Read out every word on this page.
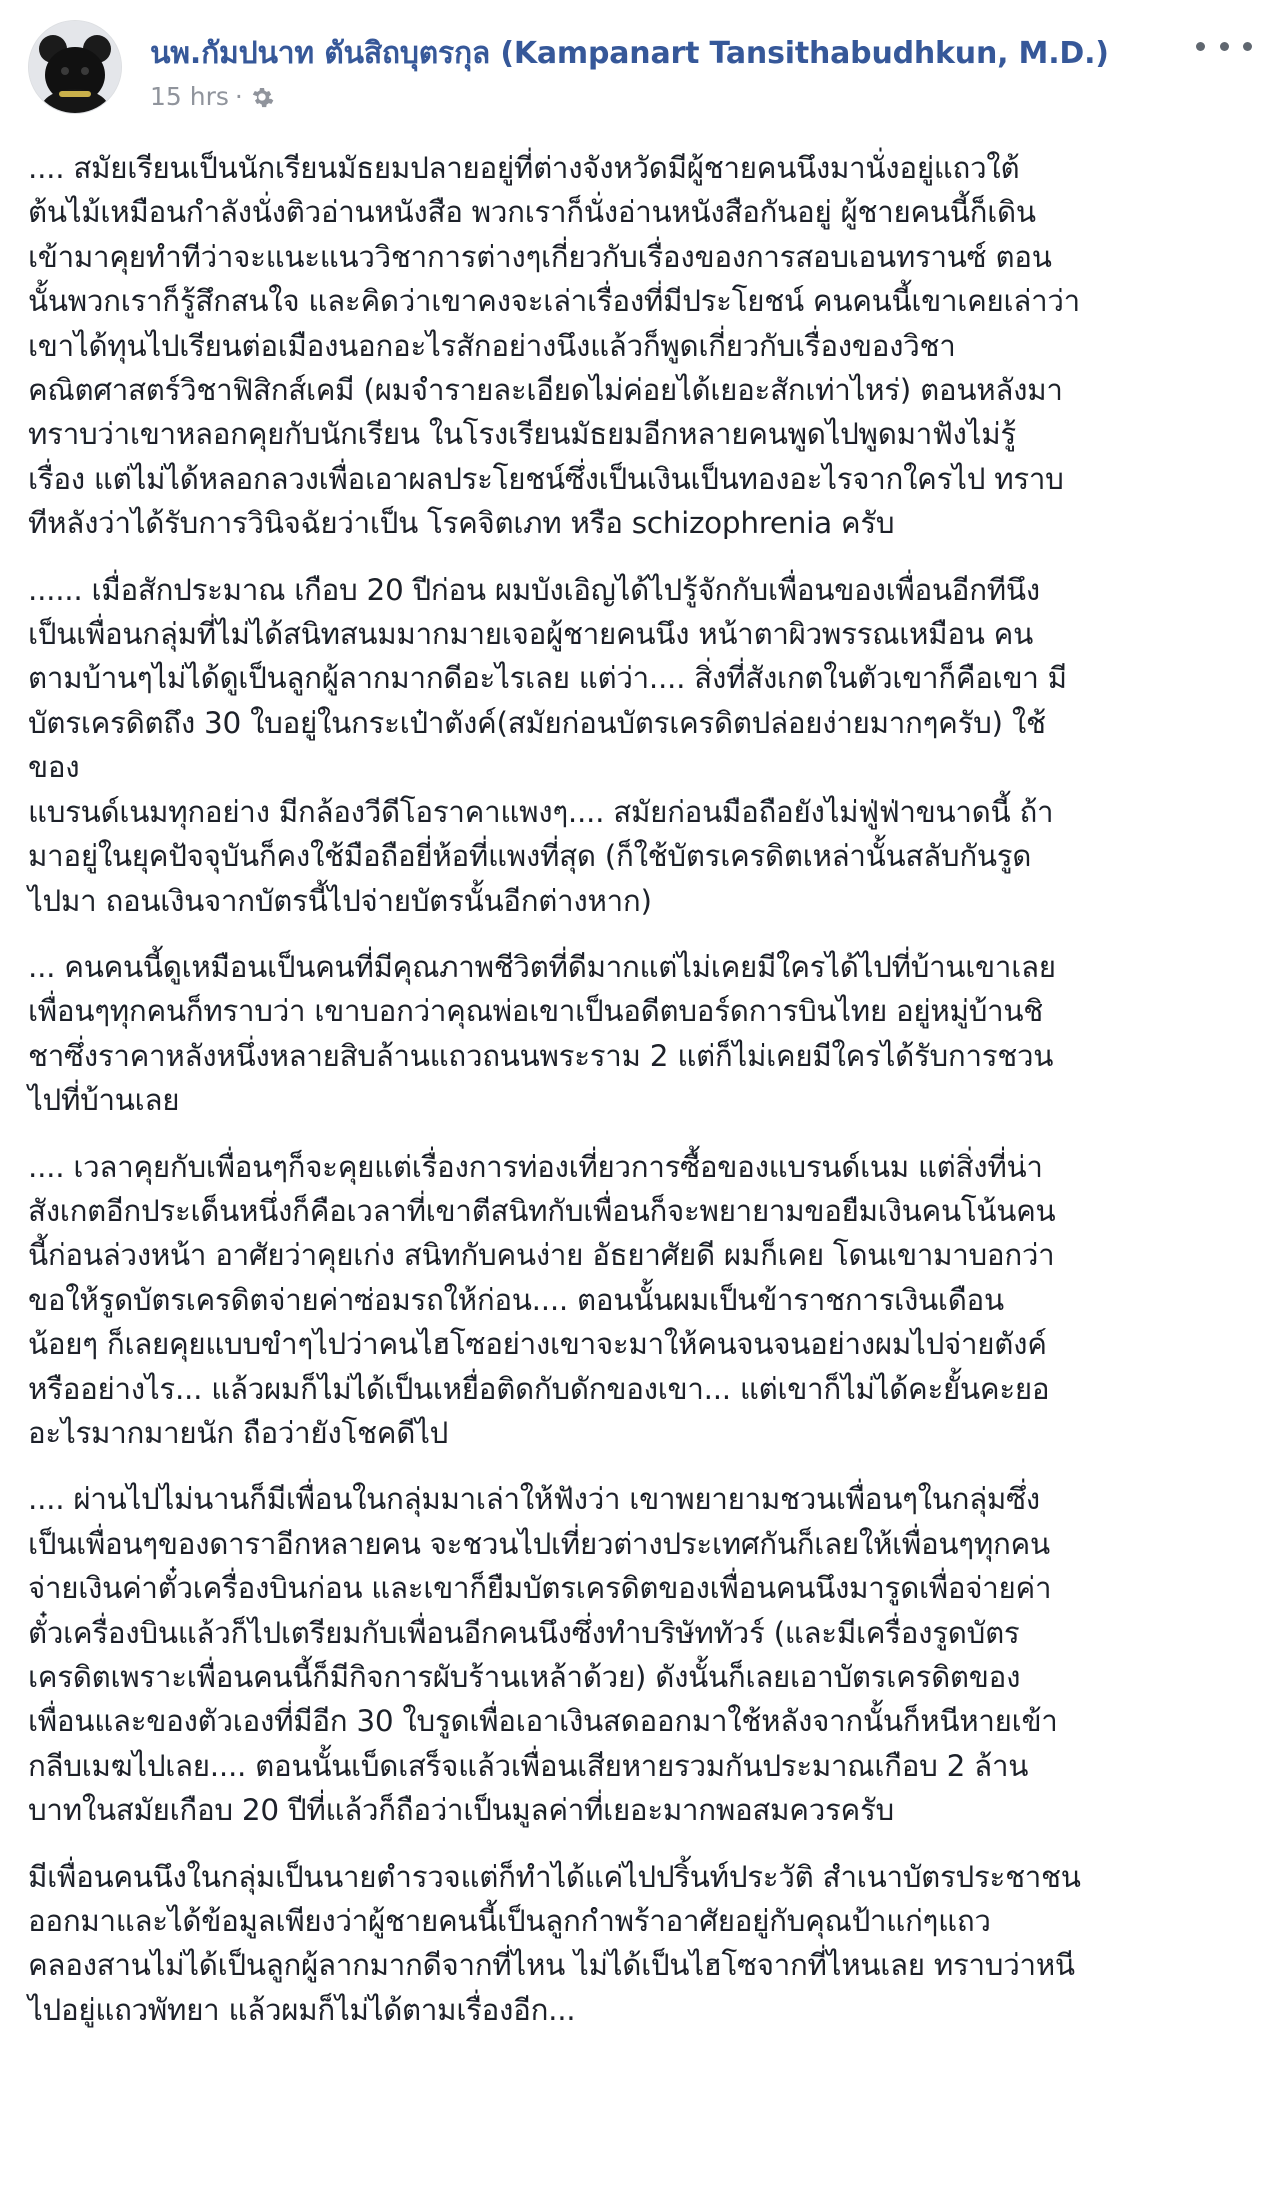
นพ.กัมปนาท ตันสิถบุตรกุล (Kampanart Tansithabudhkun, M.D.)
15 hrs ·

.... สมัยเรียนเป็นนักเรียนมัธยมปลายอยู่ที่ต่างจังหวัดมีผู้ชายคนนึงมานั่งอยู่แถวใต้
ต้นไม้เหมือนกำลังนั่งติวอ่านหนังสือ พวกเราก็นั่งอ่านหนังสือกันอยู่ ผู้ชายคนนี้ก็เดิน
เข้ามาคุยทำทีว่าจะแนะแนววิชาการต่างๆเกี่ยวกับเรื่องของการสอบเอนทรานซ์ ตอน
นั้นพวกเราก็รู้สึกสนใจ และคิดว่าเขาคงจะเล่าเรื่องที่มีประโยชน์ คนคนนี้เขาเคยเล่าว่า
เขาได้ทุนไปเรียนต่อเมืองนอกอะไรสักอย่างนึงแล้วก็พูดเกี่ยวกับเรื่องของวิชา
คณิตศาสตร์วิชาฟิสิกส์เคมี (ผมจำรายละเอียดไม่ค่อยได้เยอะสักเท่าไหร่) ตอนหลังมา
ทราบว่าเขาหลอกคุยกับนักเรียน ในโรงเรียนมัธยมอีกหลายคนพูดไปพูดมาฟังไม่รู้
เรื่อง แต่ไม่ได้หลอกลวงเพื่อเอาผลประโยชน์ซึ่งเป็นเงินเป็นทองอะไรจากใครไป ทราบ
ทีหลังว่าได้รับการวินิจฉัยว่าเป็น โรคจิตเภท หรือ schizophrenia ครับ

...... เมื่อสักประมาณ เกือบ 20 ปีก่อน ผมบังเอิญได้ไปรู้จักกับเพื่อนของเพื่อนอีกทีนึง
เป็นเพื่อนกลุ่มที่ไม่ได้สนิทสนมมากมายเจอผู้ชายคนนึง หน้าตาผิวพรรณเหมือน คน
ตามบ้านๆไม่ได้ดูเป็นลูกผู้ลากมากดีอะไรเลย แต่ว่า.... สิ่งที่สังเกตในตัวเขาก็คือเขา มี
บัตรเครดิตถึง 30 ใบอยู่ในกระเป๋าตังค์(สมัยก่อนบัตรเครดิตปล่อยง่ายมากๆครับ) ใช้
ของ
แบรนด์เนมทุกอย่าง มีกล้องวีดีโอราคาแพงๆ.... สมัยก่อนมือถือยังไม่ฟู่ฟ่าขนาดนี้ ถ้า
มาอยู่ในยุคปัจจุบันก็คงใช้มือถือยี่ห้อที่แพงที่สุด (ก็ใช้บัตรเครดิตเหล่านั้นสลับกันรูด
ไปมา ถอนเงินจากบัตรนี้ไปจ่ายบัตรนั้นอีกต่างหาก)

... คนคนนี้ดูเหมือนเป็นคนที่มีคุณภาพชีวิตที่ดีมากแต่ไม่เคยมีใครได้ไปที่บ้านเขาเลย
เพื่อนๆทุกคนก็ทราบว่า เขาบอกว่าคุณพ่อเขาเป็นอดีตบอร์ดการบินไทย อยู่หมู่บ้านชิ
ชาซึ่งราคาหลังหนึ่งหลายสิบล้านแถวถนนพระราม 2 แต่ก็ไม่เคยมีใครได้รับการชวน
ไปที่บ้านเลย

.... เวลาคุยกับเพื่อนๆก็จะคุยแต่เรื่องการท่องเที่ยวการซื้อของแบรนด์เนม แต่สิ่งที่น่า
สังเกตอีกประเด็นหนึ่งก็คือเวลาที่เขาตีสนิทกับเพื่อนก็จะพยายามขอยืมเงินคนโน้นคน
นี้ก่อนล่วงหน้า อาศัยว่าคุยเก่ง สนิทกับคนง่าย อัธยาศัยดี ผมก็เคย โดนเขามาบอกว่า
ขอให้รูดบัตรเครดิตจ่ายค่าซ่อมรถให้ก่อน.... ตอนนั้นผมเป็นข้าราชการเงินเดือน
น้อยๆ ก็เลยคุยแบบขำๆไปว่าคนไฮโซอย่างเขาจะมาให้คนจนจนอย่างผมไปจ่ายตังค์
หรืออย่างไร... แล้วผมก็ไม่ได้เป็นเหยื่อติดกับดักของเขา... แต่เขาก็ไม่ได้คะยั้นคะยอ
อะไรมากมายนัก ถือว่ายังโชคดีไป

.... ผ่านไปไม่นานก็มีเพื่อนในกลุ่มมาเล่าให้ฟังว่า เขาพยายามชวนเพื่อนๆในกลุ่มซึ่ง
เป็นเพื่อนๆของดาราอีกหลายคน จะชวนไปเที่ยวต่างประเทศกันก็เลยให้เพื่อนๆทุกคน
จ่ายเงินค่าตั๋วเครื่องบินก่อน และเขาก็ยืมบัตรเครดิตของเพื่อนคนนึงมารูดเพื่อจ่ายค่า
ตั๋วเครื่องบินแล้วก็ไปเตรียมกับเพื่อนอีกคนนึงซึ่งทำบริษัททัวร์ (และมีเครื่องรูดบัตร
เครดิตเพราะเพื่อนคนนี้ก็มีกิจการผับร้านเหล้าด้วย) ดังนั้นก็เลยเอาบัตรเครดิตของ
เพื่อนและของตัวเองที่มีอีก 30 ใบรูดเพื่อเอาเงินสดออกมาใช้หลังจากนั้นก็หนีหายเข้า
กลีบเมฆไปเลย.... ตอนนั้นเบ็ดเสร็จแล้วเพื่อนเสียหายรวมกันประมาณเกือบ 2 ล้าน
บาทในสมัยเกือบ 20 ปีที่แล้วก็ถือว่าเป็นมูลค่าที่เยอะมากพอสมควรครับ

มีเพื่อนคนนึงในกลุ่มเป็นนายตำรวจแต่ก็ทำได้แค่ไปปริ้นท์ประวัติ สำเนาบัตรประชาชน
ออกมาและได้ข้อมูลเพียงว่าผู้ชายคนนี้เป็นลูกกำพร้าอาศัยอยู่กับคุณป้าแก่ๆแถว
คลองสานไม่ได้เป็นลูกผู้ลากมากดีจากที่ไหน ไม่ได้เป็นไฮโซจากที่ไหนเลย ทราบว่าหนี
ไปอยู่แถวพัทยา แล้วผมก็ไม่ได้ตามเรื่องอีก...
